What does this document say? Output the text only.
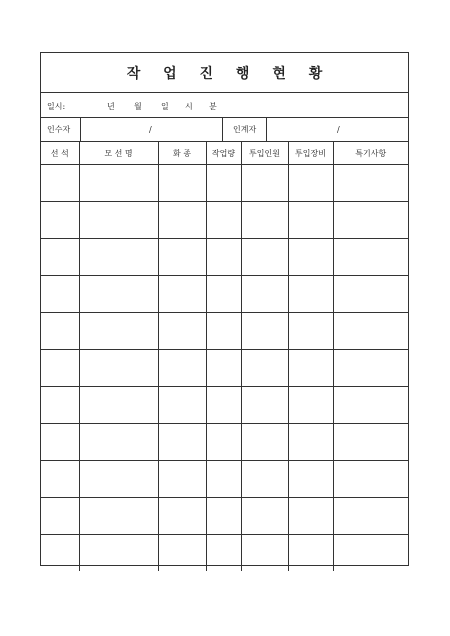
작 업 진 행 현 황
일시:	년 월 일 시 분
인수자	/	인계자	/
선 석	모 선 명	화 종	작업량	투입인원	투입장비	특기사항
